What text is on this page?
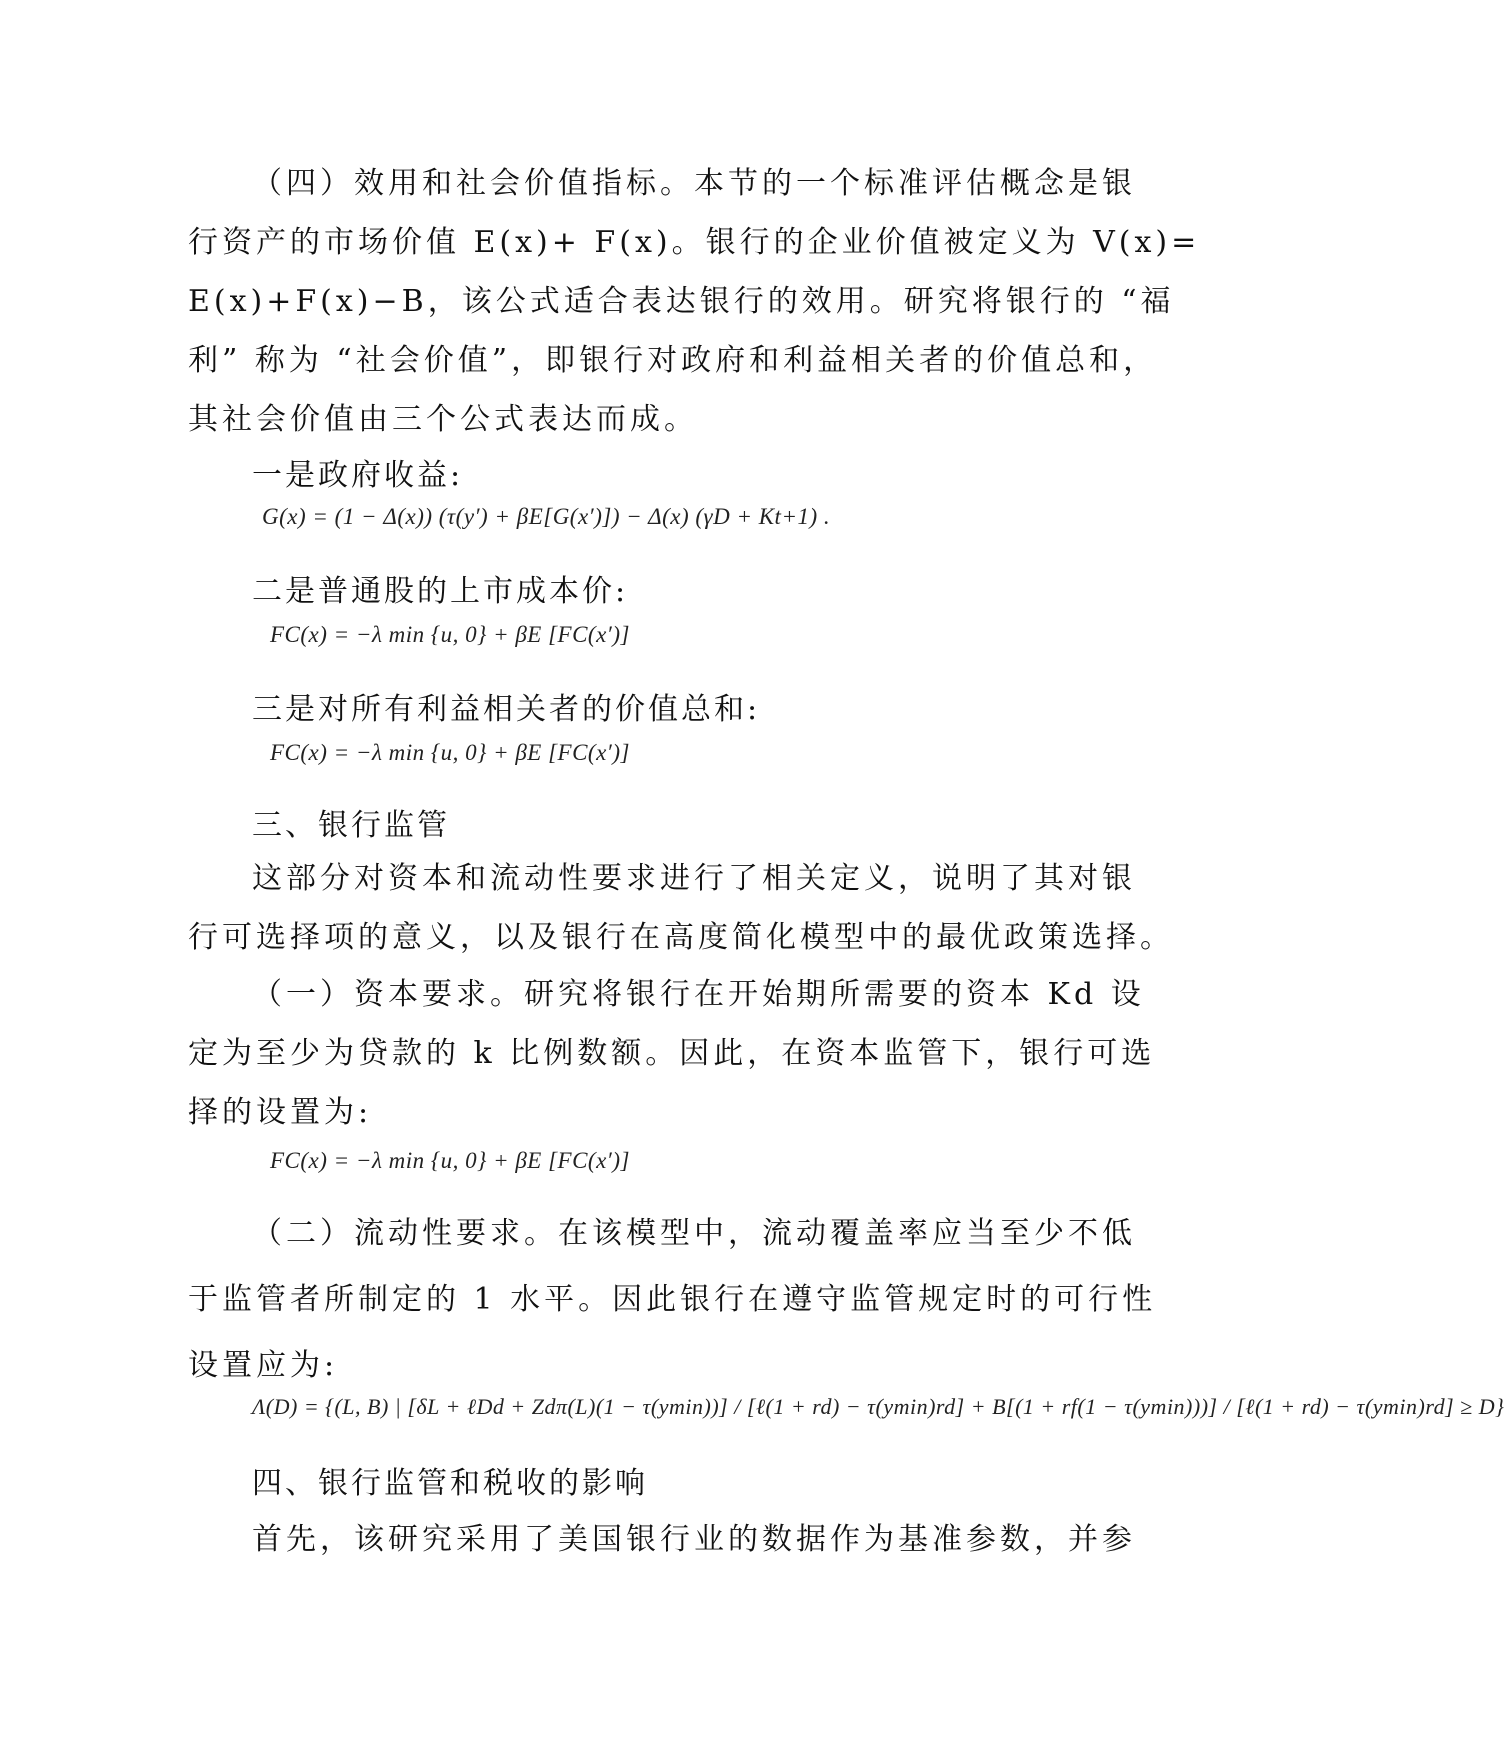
（四）效用和社会价值指标。本节的一个标准评估概念是银
行资产的市场价值 E(x)+ F(x)。银行的企业价值被定义为 V(x)=
E(x)+F(x)−B，该公式适合表达银行的效用。研究将银行的 “福
利” 称为 “社会价值”，即银行对政府和利益相关者的价值总和，
其社会价值由三个公式表达而成。
一是政府收益:
G(x) = (1 − Δ(x)) (τ(y′) + βE[G(x′)]) − Δ(x) (γD + Kt+1) .
二是普通股的上市成本价:
FC(x) = −λ min {u, 0} + βE [FC(x′)]
三是对所有利益相关者的价值总和:
FC(x) = −λ min {u, 0} + βE [FC(x′)]
三、银行监管
这部分对资本和流动性要求进行了相关定义，说明了其对银
行可选择项的意义，以及银行在高度简化模型中的最优政策选择。
（一）资本要求。研究将银行在开始期所需要的资本 Kd 设
定为至少为贷款的 k 比例数额。因此，在资本监管下，银行可选
择的设置为:
FC(x) = −λ min {u, 0} + βE [FC(x′)]
（二）流动性要求。在该模型中，流动覆盖率应当至少不低
于监管者所制定的 1 水平。因此银行在遵守监管规定时的可行性
设置应为:
Λ(D) = {(L, B) | [δL + ℓDd + Zdπ(L)(1 − τ(ymin))] / [ℓ(1 + rd) − τ(ymin)rd] + B[(1 + rf(1 − τ(ymin)))] / [ℓ(1 + rd) − τ(ymin)rd] ≥ D}
四、银行监管和税收的影响
首先，该研究采用了美国银行业的数据作为基准参数，并参
